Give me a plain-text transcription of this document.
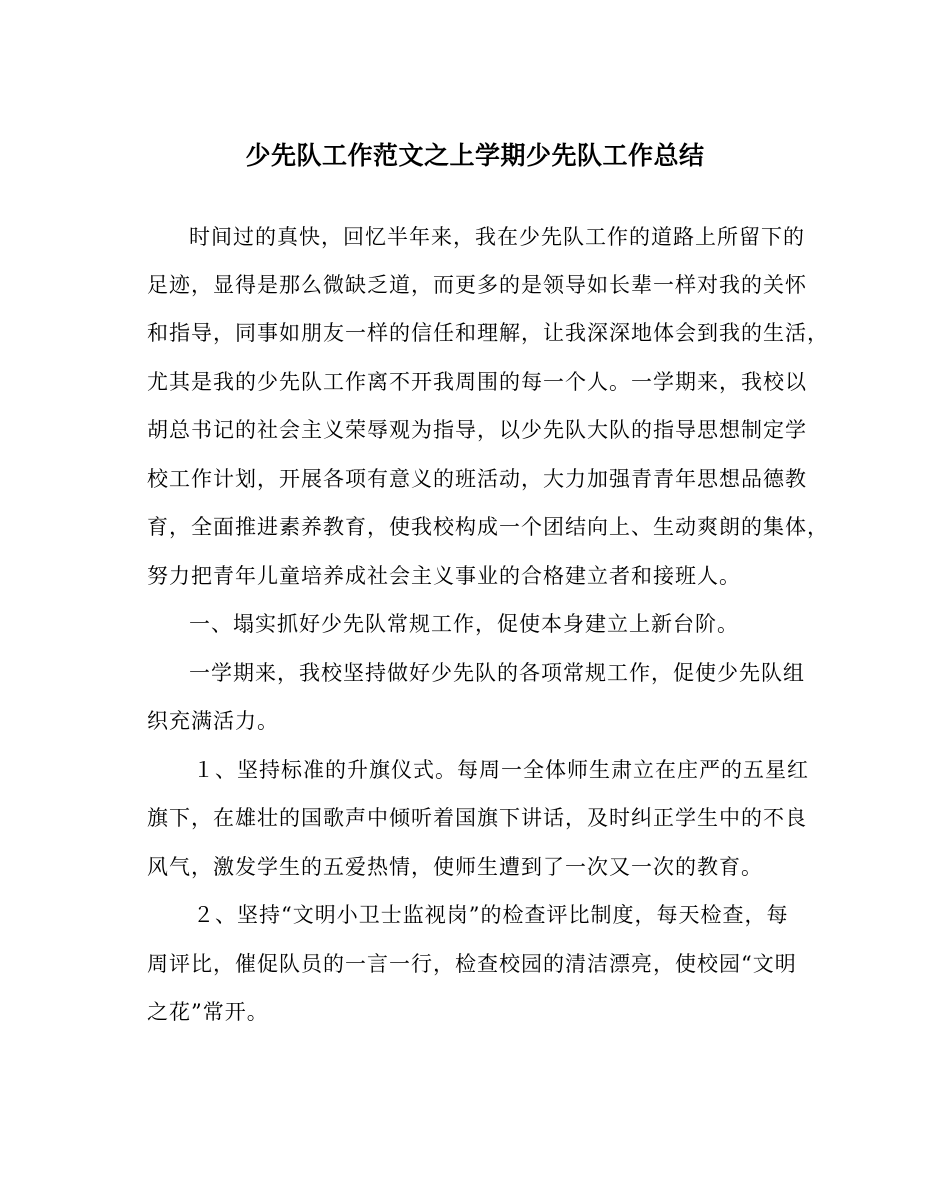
少先队工作范文之上学期少先队工作总结
时间过的真快，回忆半年来，我在少先队工作的道路上所留下的
足迹，显得是那么微缺乏道，而更多的是领导如长辈一样对我的关怀
和指导，同事如朋友一样的信任和理解，让我深深地体会到我的生活，
尤其是我的少先队工作离不开我周围的每一个人。一学期来，我校以
胡总书记的社会主义荣辱观为指导，以少先队大队的指导思想制定学
校工作计划，开展各项有意义的班活动，大力加强青青年思想品德教
育，全面推进素养教育，使我校构成一个团结向上、生动爽朗的集体，
努力把青年儿童培养成社会主义事业的合格建立者和接班人。
一、塌实抓好少先队常规工作，促使本身建立上新台阶。
一学期来，我校坚持做好少先队的各项常规工作，促使少先队组
织充满活力。
１、坚持标准的升旗仪式。每周一全体师生肃立在庄严的五星红
旗下，在雄壮的国歌声中倾听着国旗下讲话，及时纠正学生中的不良
风气，激发学生的五爱热情，使师生遭到了一次又一次的教育。
２、坚持“文明小卫士监视岗”的检查评比制度，每天检查，每
周评比，催促队员的一言一行，检查校园的清洁漂亮，使校园“文明
之花”常开。
